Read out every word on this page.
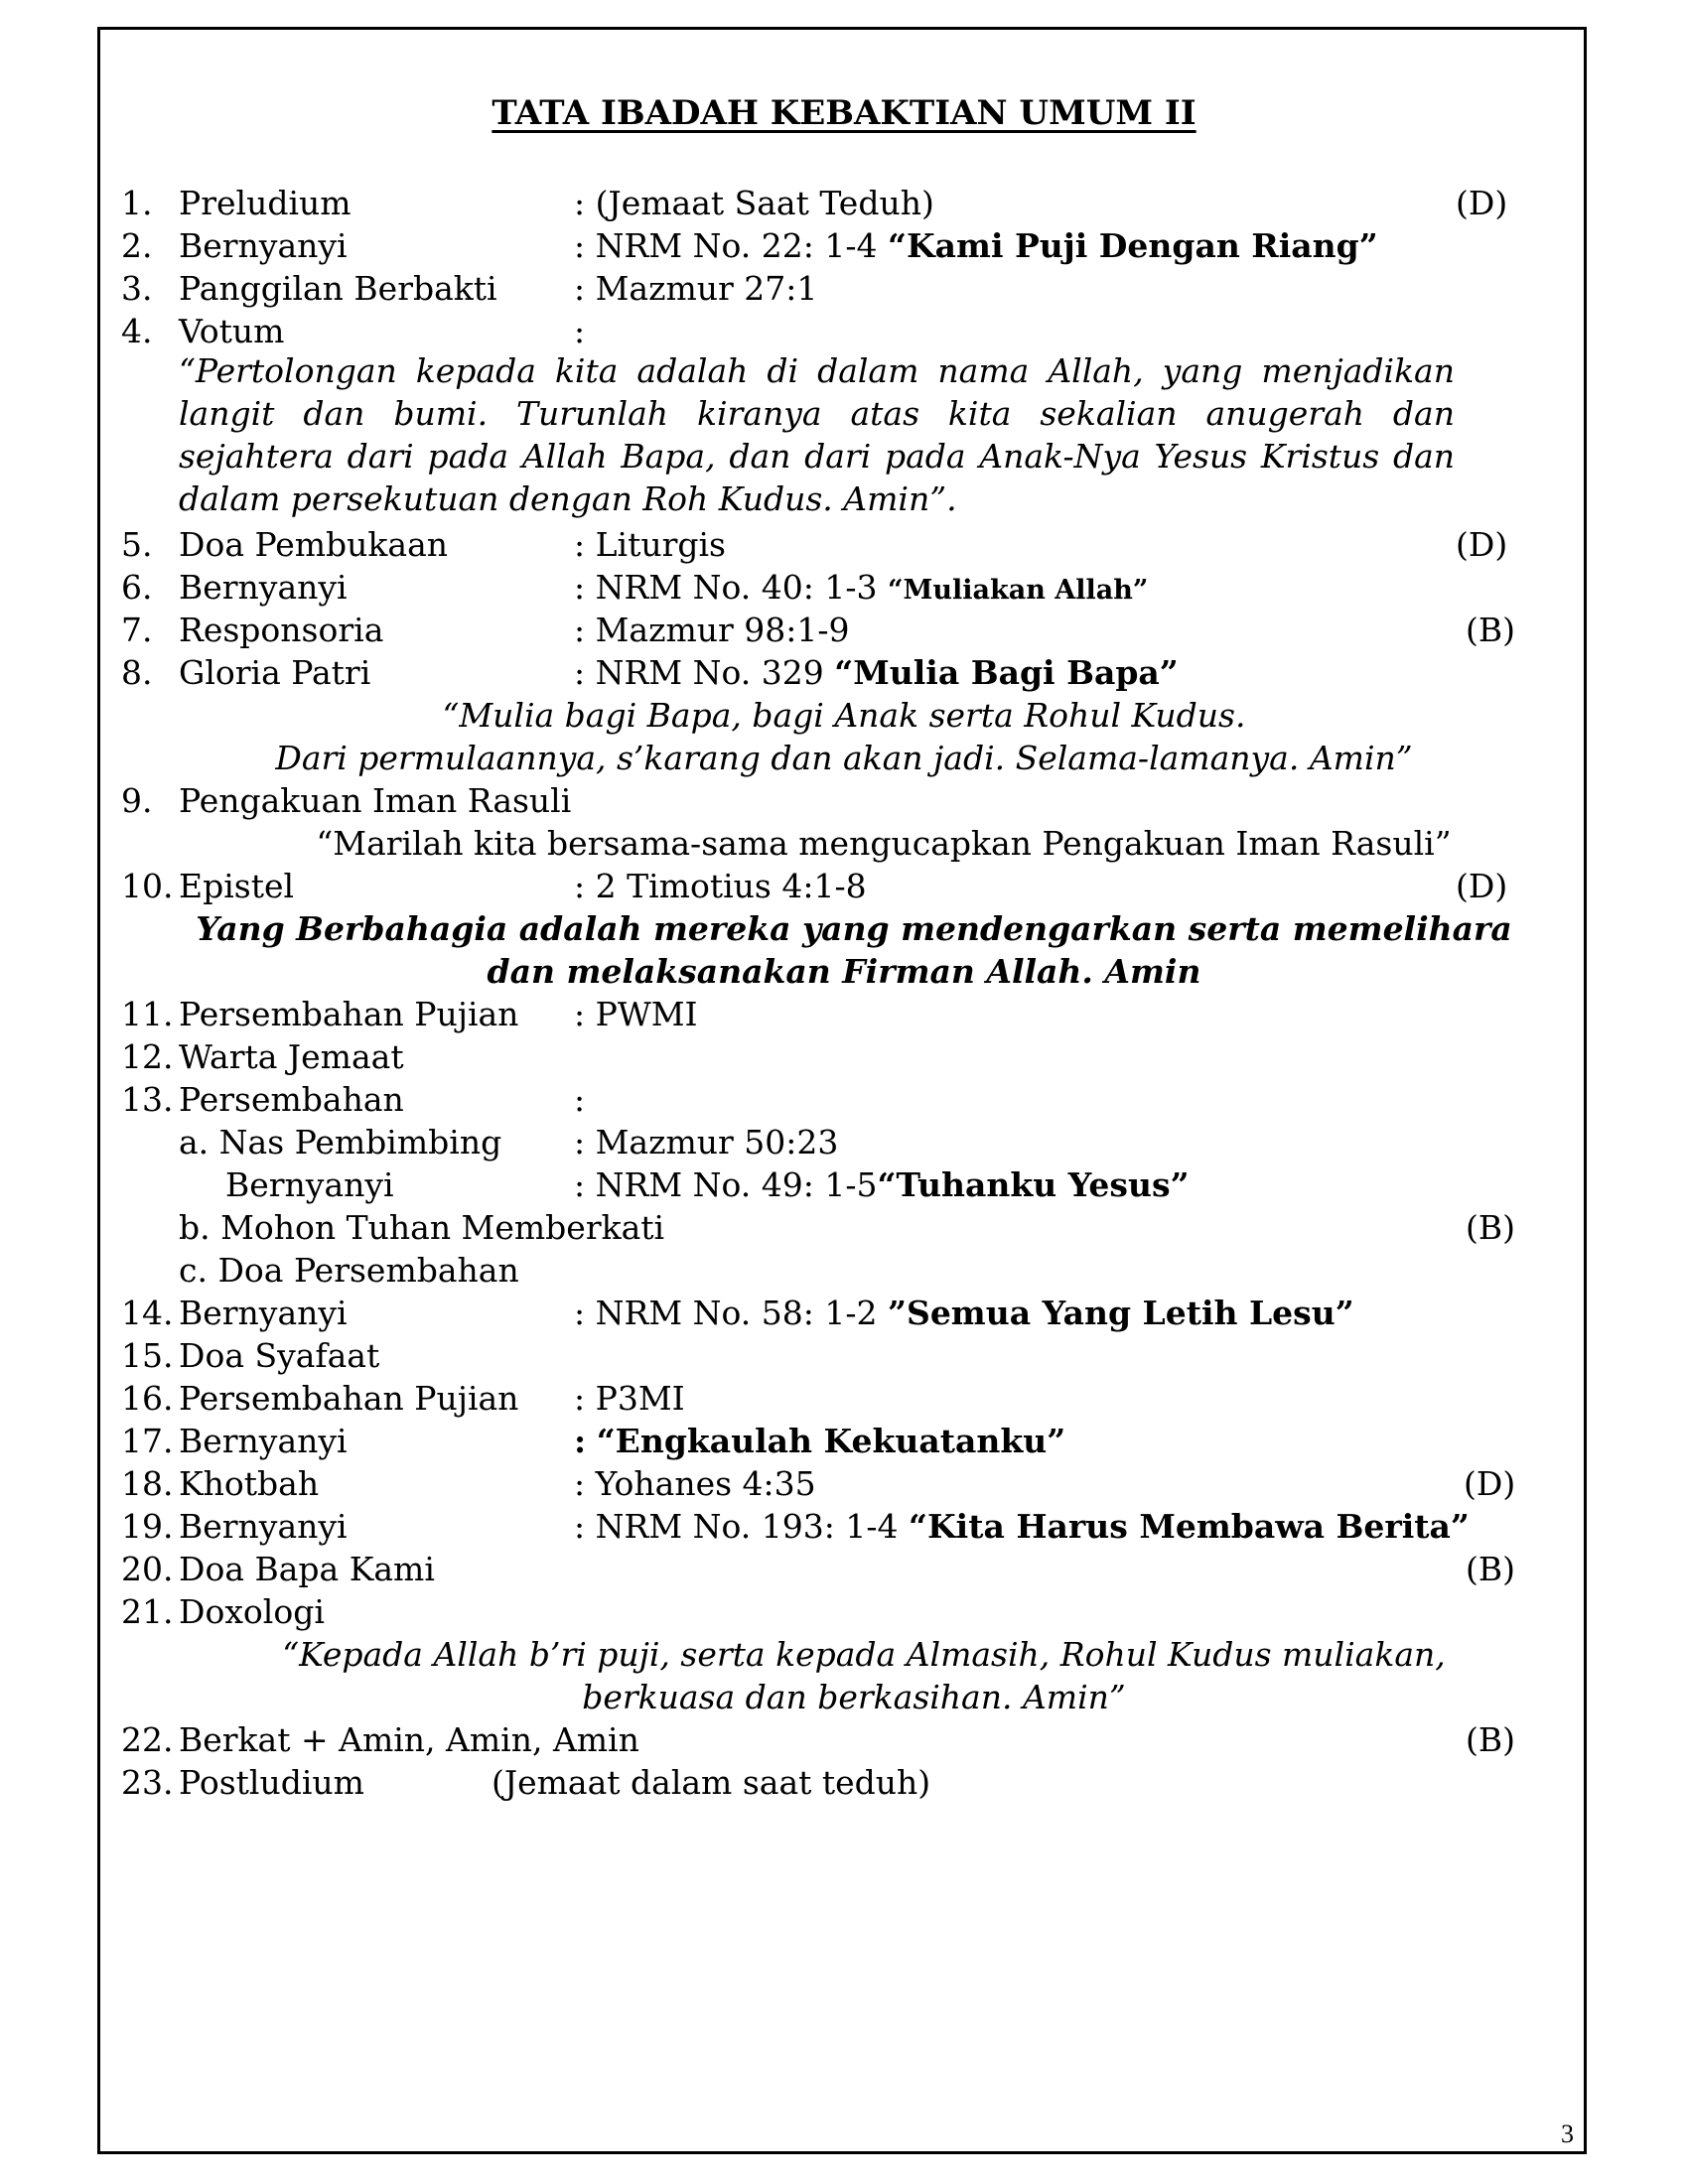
TATA IBADAH KEBAKTIAN UMUM II
1. Preludium	: (Jemaat Saat Teduh)	(D)
2. Bernyanyi	: NRM No. 22: 1-4 “Kami Puji Dengan Riang”
3. Panggilan Berbakti : Mazmur 27:1
4. Votum	:
“Pertolongan kepada kita adalah di dalam nama Allah, yang menjadikan langit dan bumi. Turunlah kiranya atas kita sekalian anugerah dan sejahtera dari pada Allah Bapa, dan dari pada Anak-Nya Yesus Kristus dan dalam persekutuan dengan Roh Kudus. Amin”.
5. Doa Pembukaan	: Liturgis	(D)
6. Bernyanyi	: NRM No. 40: 1-3 “Muliakan Allah”
7. Responsoria	: Mazmur 98:1-9	(B)
8. Gloria Patri	: NRM No. 329 “Mulia Bagi Bapa”
“Mulia bagi Bapa, bagi Anak serta Rohul Kudus.
Dari permulaannya, s’karang dan akan jadi. Selama-lamanya. Amin”
9. Pengakuan Iman Rasuli
“Marilah kita bersama-sama mengucapkan Pengakuan Iman Rasuli”
10. Epistel	: 2 Timotius 4:1-8	(D)
Yang Berbahagia adalah mereka yang mendengarkan serta memelihara
dan melaksanakan Firman Allah. Amin
11. Persembahan Pujian : PWMI
12. Warta Jemaat
13. Persembahan	:
a. Nas Pembimbing : Mazmur 50:23
Bernyanyi	: NRM No. 49: 1-5“Tuhanku Yesus”
b. Mohon Tuhan Memberkati	(B)
c. Doa Persembahan
14. Bernyanyi	: NRM No. 58: 1-2 ”Semua Yang Letih Lesu”
15. Doa Syafaat
16. Persembahan Pujian : P3MI
17. Bernyanyi	: “Engkaulah Kekuatanku”
18. Khotbah	: Yohanes 4:35	(D)
19. Bernyanyi	: NRM No. 193: 1-4 “Kita Harus Membawa Berita”
20. Doa Bapa Kami	(B)
21. Doxologi
“Kepada Allah b’ri puji, serta kepada Almasih, Rohul Kudus muliakan,
berkuasa dan berkasihan. Amin”
22. Berkat + Amin, Amin, Amin	(B)
23. Postludium	(Jemaat dalam saat teduh)
3
